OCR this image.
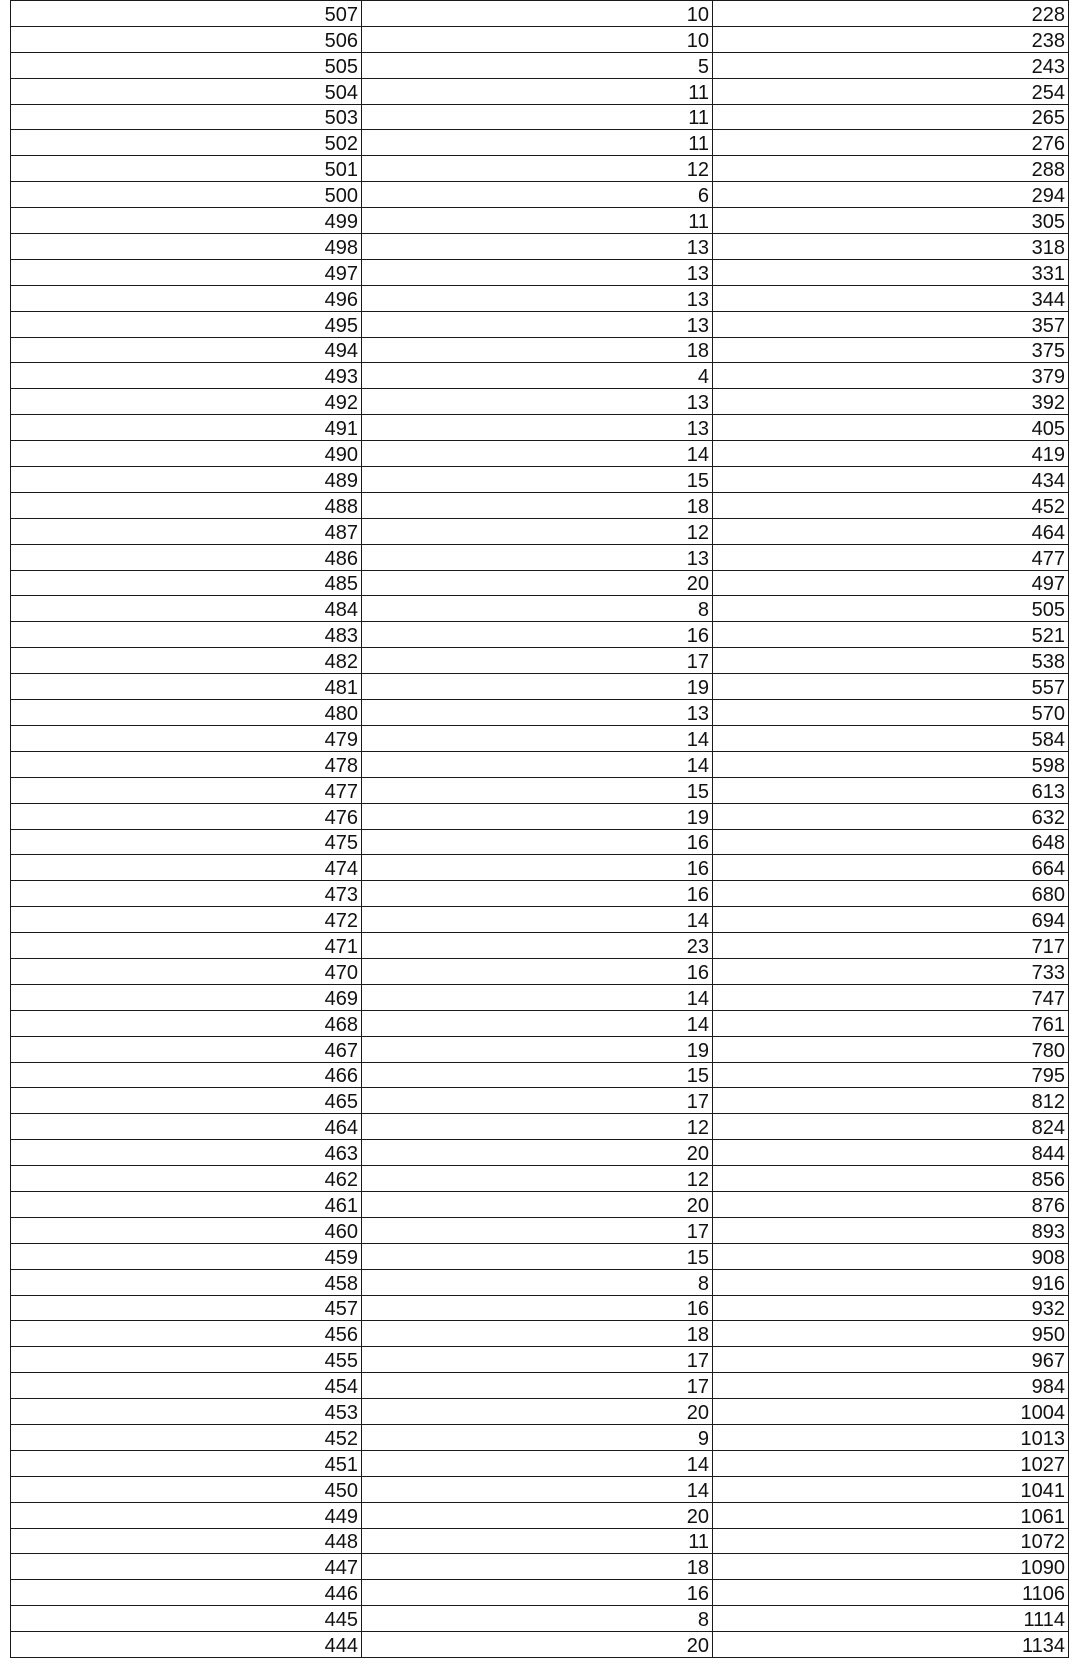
507	10	228
506	10	238
505	5	243
504	11	254
503	11	265
502	11	276
501	12	288
500	6	294
499	11	305
498	13	318
497	13	331
496	13	344
495	13	357
494	18	375
493	4	379
492	13	392
491	13	405
490	14	419
489	15	434
488	18	452
487	12	464
486	13	477
485	20	497
484	8	505
483	16	521
482	17	538
481	19	557
480	13	570
479	14	584
478	14	598
477	15	613
476	19	632
475	16	648
474	16	664
473	16	680
472	14	694
471	23	717
470	16	733
469	14	747
468	14	761
467	19	780
466	15	795
465	17	812
464	12	824
463	20	844
462	12	856
461	20	876
460	17	893
459	15	908
458	8	916
457	16	932
456	18	950
455	17	967
454	17	984
453	20	1004
452	9	1013
451	14	1027
450	14	1041
449	20	1061
448	11	1072
447	18	1090
446	16	1106
445	8	1114
444	20	1134
